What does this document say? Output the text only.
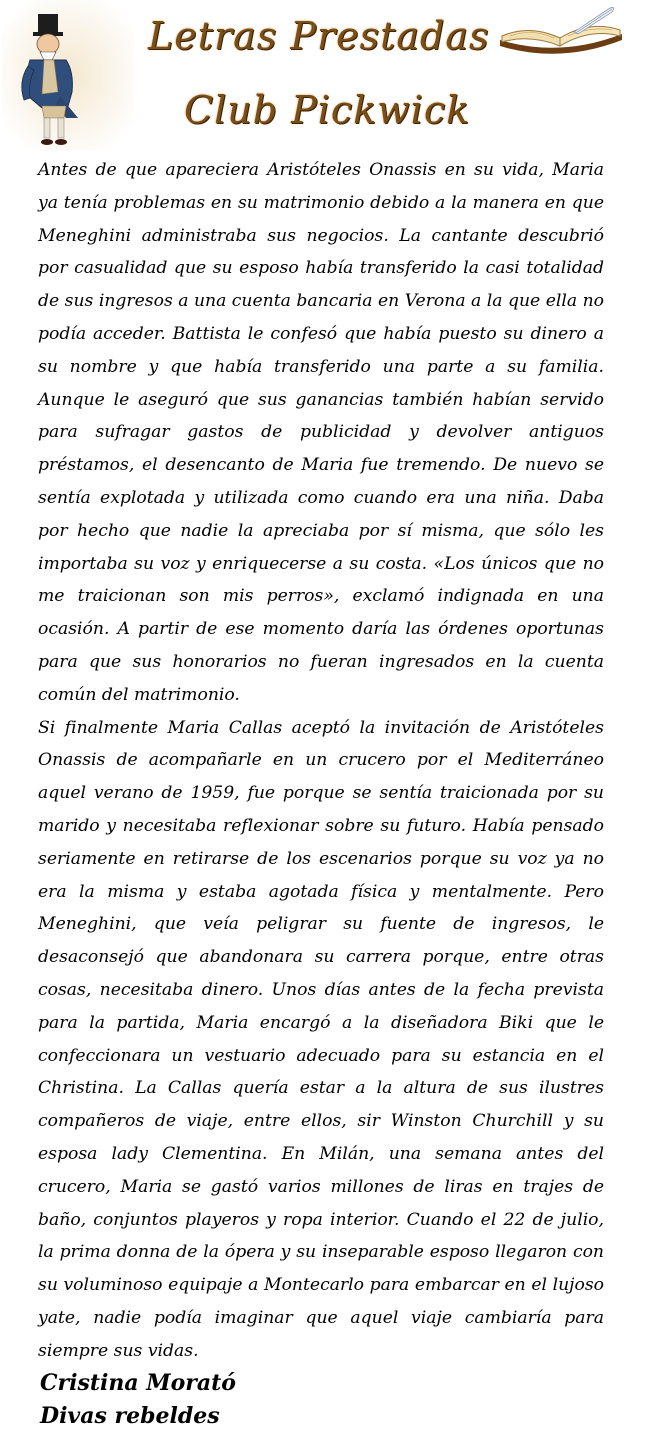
Letras Prestadas
Club Pickwick

Antes de que apareciera Aristóteles Onassis en su vida, Maria ya tenía problemas en su matrimonio debido a la manera en que Meneghini administraba sus negocios. La cantante descubrió por casualidad que su esposo había transferido la casi totalidad de sus ingresos a una cuenta bancaria en Verona a la que ella no podía acceder. Battista le confesó que había puesto su dinero a su nombre y que había transferido una parte a su familia. Aunque le aseguró que sus ganancias también habían servido para sufragar gastos de publicidad y devolver antiguos préstamos, el desencanto de Maria fue tremendo. De nuevo se sentía explotada y utilizada como cuando era una niña. Daba por hecho que nadie la apreciaba por sí misma, que sólo les importaba su voz y enriquecerse a su costa. «Los únicos que no me traicionan son mis perros», exclamó indignada en una ocasión. A partir de ese momento daría las órdenes oportunas para que sus honorarios no fueran ingresados en la cuenta común del matrimonio.

Si finalmente Maria Callas aceptó la invitación de Aristóteles Onassis de acompañarle en un crucero por el Mediterráneo aquel verano de 1959, fue porque se sentía traicionada por su marido y necesitaba reflexionar sobre su futuro. Había pensado seriamente en retirarse de los escenarios porque su voz ya no era la misma y estaba agotada física y mentalmente. Pero Meneghini, que veía peligrar su fuente de ingresos, le desaconsejó que abandonara su carrera porque, entre otras cosas, necesitaba dinero. Unos días antes de la fecha prevista para la partida, Maria encargó a la diseñadora Biki que le confeccionara un vestuario adecuado para su estancia en el Christina. La Callas quería estar a la altura de sus ilustres compañeros de viaje, entre ellos, sir Winston Churchill y su esposa lady Clementina. En Milán, una semana antes del crucero, Maria se gastó varios millones de liras en trajes de baño, conjuntos playeros y ropa interior. Cuando el 22 de julio, la prima donna de la ópera y su inseparable esposo llegaron con su voluminoso equipaje a Montecarlo para embarcar en el lujoso yate, nadie podía imaginar que aquel viaje cambiaría para siempre sus vidas.

Cristina Morató
Divas rebeldes
